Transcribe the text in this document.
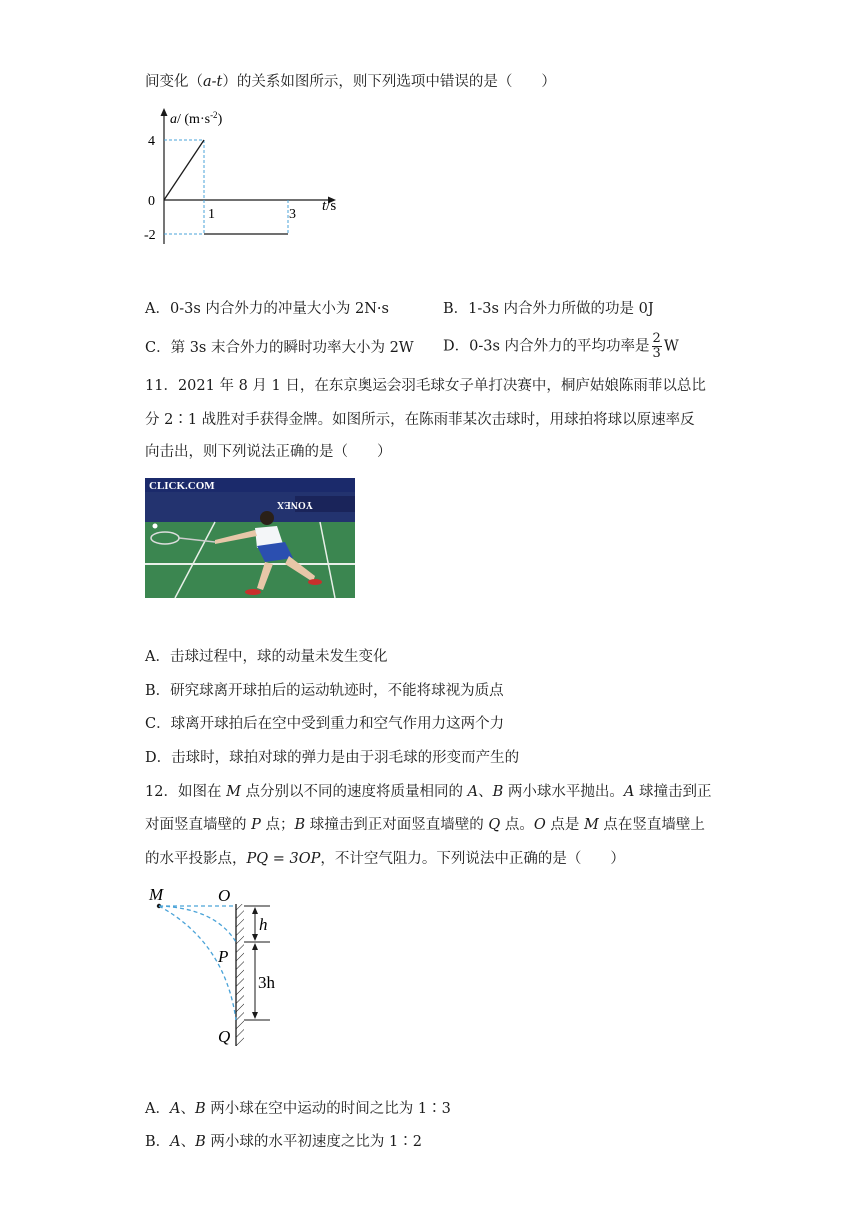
间变化（a-t）的关系如图所示，则下列选项中错误的是（　　）
a/ $(m\cdot s^{-2})$
4
0
-2
1	3
t/s
A．0-3s 内合外力的冲量大小为 2N·s	B．1-3s 内合外力所做的功是 0J
C．第 3s 末合外力的瞬时功率大小为 2W D．0-3s 内合外力的平均功率是 $\frac{2}{3}$ W
11．2021 年 8 月 1 日，在东京奥运会羽毛球女子单打决赛中，桐庐姑娘陈雨菲以总比
分 2∶1 战胜对手获得金牌。如图所示，在陈雨菲某次击球时，用球拍将球以原速率反
向击出，则下列说法正确的是（　　）
CLICK.COM
YONEX
A．击球过程中，球的动量未发生变化
B．研究球离开球拍后的运动轨迹时，不能将球视为质点
C．球离开球拍后在空中受到重力和空气作用力这两个力
D．击球时，球拍对球的弹力是由于羽毛球的形变而产生的
12．如图在 M 点分别以不同的速度将质量相同的 A、B 两小球水平抛出。A 球撞击到正
对面竖直墙壁的 P 点；B 球撞击到正对面竖直墙壁的 Q 点。O 点是 M 点在竖直墙壁上
的水平投影点，PQ = 3OP，不计空气阻力。下列说法中正确的是（　　）
M	O
P
Q
h
3h
A．A、B 两小球在空中运动的时间之比为 1∶3
B．A、B 两小球的水平初速度之比为 1∶2
